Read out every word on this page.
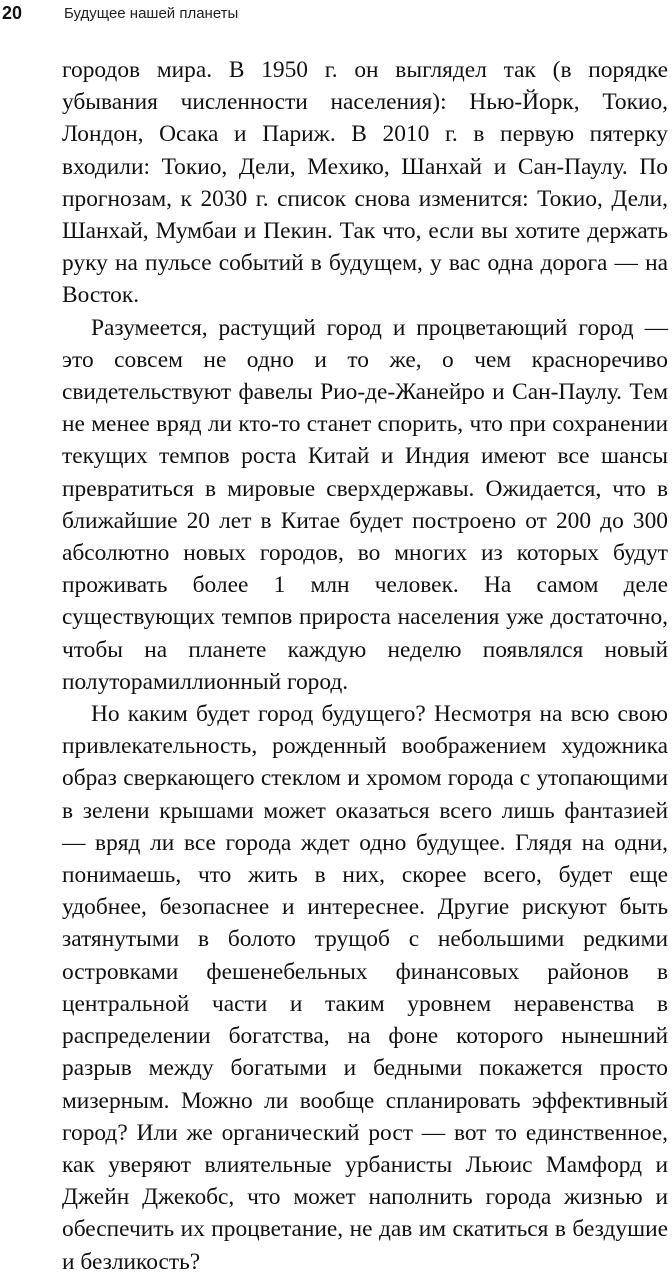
20	Будущее нашей планеты

городов мира. В 1950 г. он выглядел так (в порядке убывания численности населения): Нью-Йорк, Токио, Лондон, Осака и Париж. В 2010 г. в первую пятерку входили: Токио, Дели, Мехико, Шанхай и Сан-Паулу. По прогнозам, к 2030 г. список снова изменится: Токио, Дели, Шанхай, Мумбаи и Пекин. Так что, если вы хотите держать руку на пульсе событий в будущем, у вас одна дорога — на Восток.

Разумеется, растущий город и процветающий город — это совсем не одно и то же, о чем красноречиво свидетельствуют фавелы Рио-де-Жанейро и Сан-Паулу. Тем не менее вряд ли кто-то станет спорить, что при сохранении текущих темпов роста Китай и Индия имеют все шансы превратиться в мировые сверхдержавы. Ожидается, что в ближайшие 20 лет в Китае будет построено от 200 до 300 абсолютно новых городов, во многих из которых будут проживать более 1 млн человек. На самом деле существующих темпов прироста населения уже достаточно, чтобы на планете каждую неделю появлялся новый полуторамиллионный город.

Но каким будет город будущего? Несмотря на всю свою привлекательность, рожденный воображением художника образ сверкающего стеклом и хромом города с утопающими в зелени крышами может оказаться всего лишь фантазией — вряд ли все города ждет одно будущее. Глядя на одни, понимаешь, что жить в них, скорее всего, будет еще удобнее, безопаснее и интереснее. Другие рискуют быть затянутыми в болото трущоб с небольшими редкими островками фешенебельных финансовых районов в центральной части и таким уровнем неравенства в распределении богатства, на фоне которого нынешний разрыв между богатыми и бедными покажется просто мизерным. Можно ли вообще спланировать эффективный город? Или же органический рост — вот то единственное, как уверяют влиятельные урбанисты Льюис Мамфорд и Джейн Джекобс, что может наполнить города жизнью и обеспечить их процветание, не дав им скатиться в бездушие и безликость?
